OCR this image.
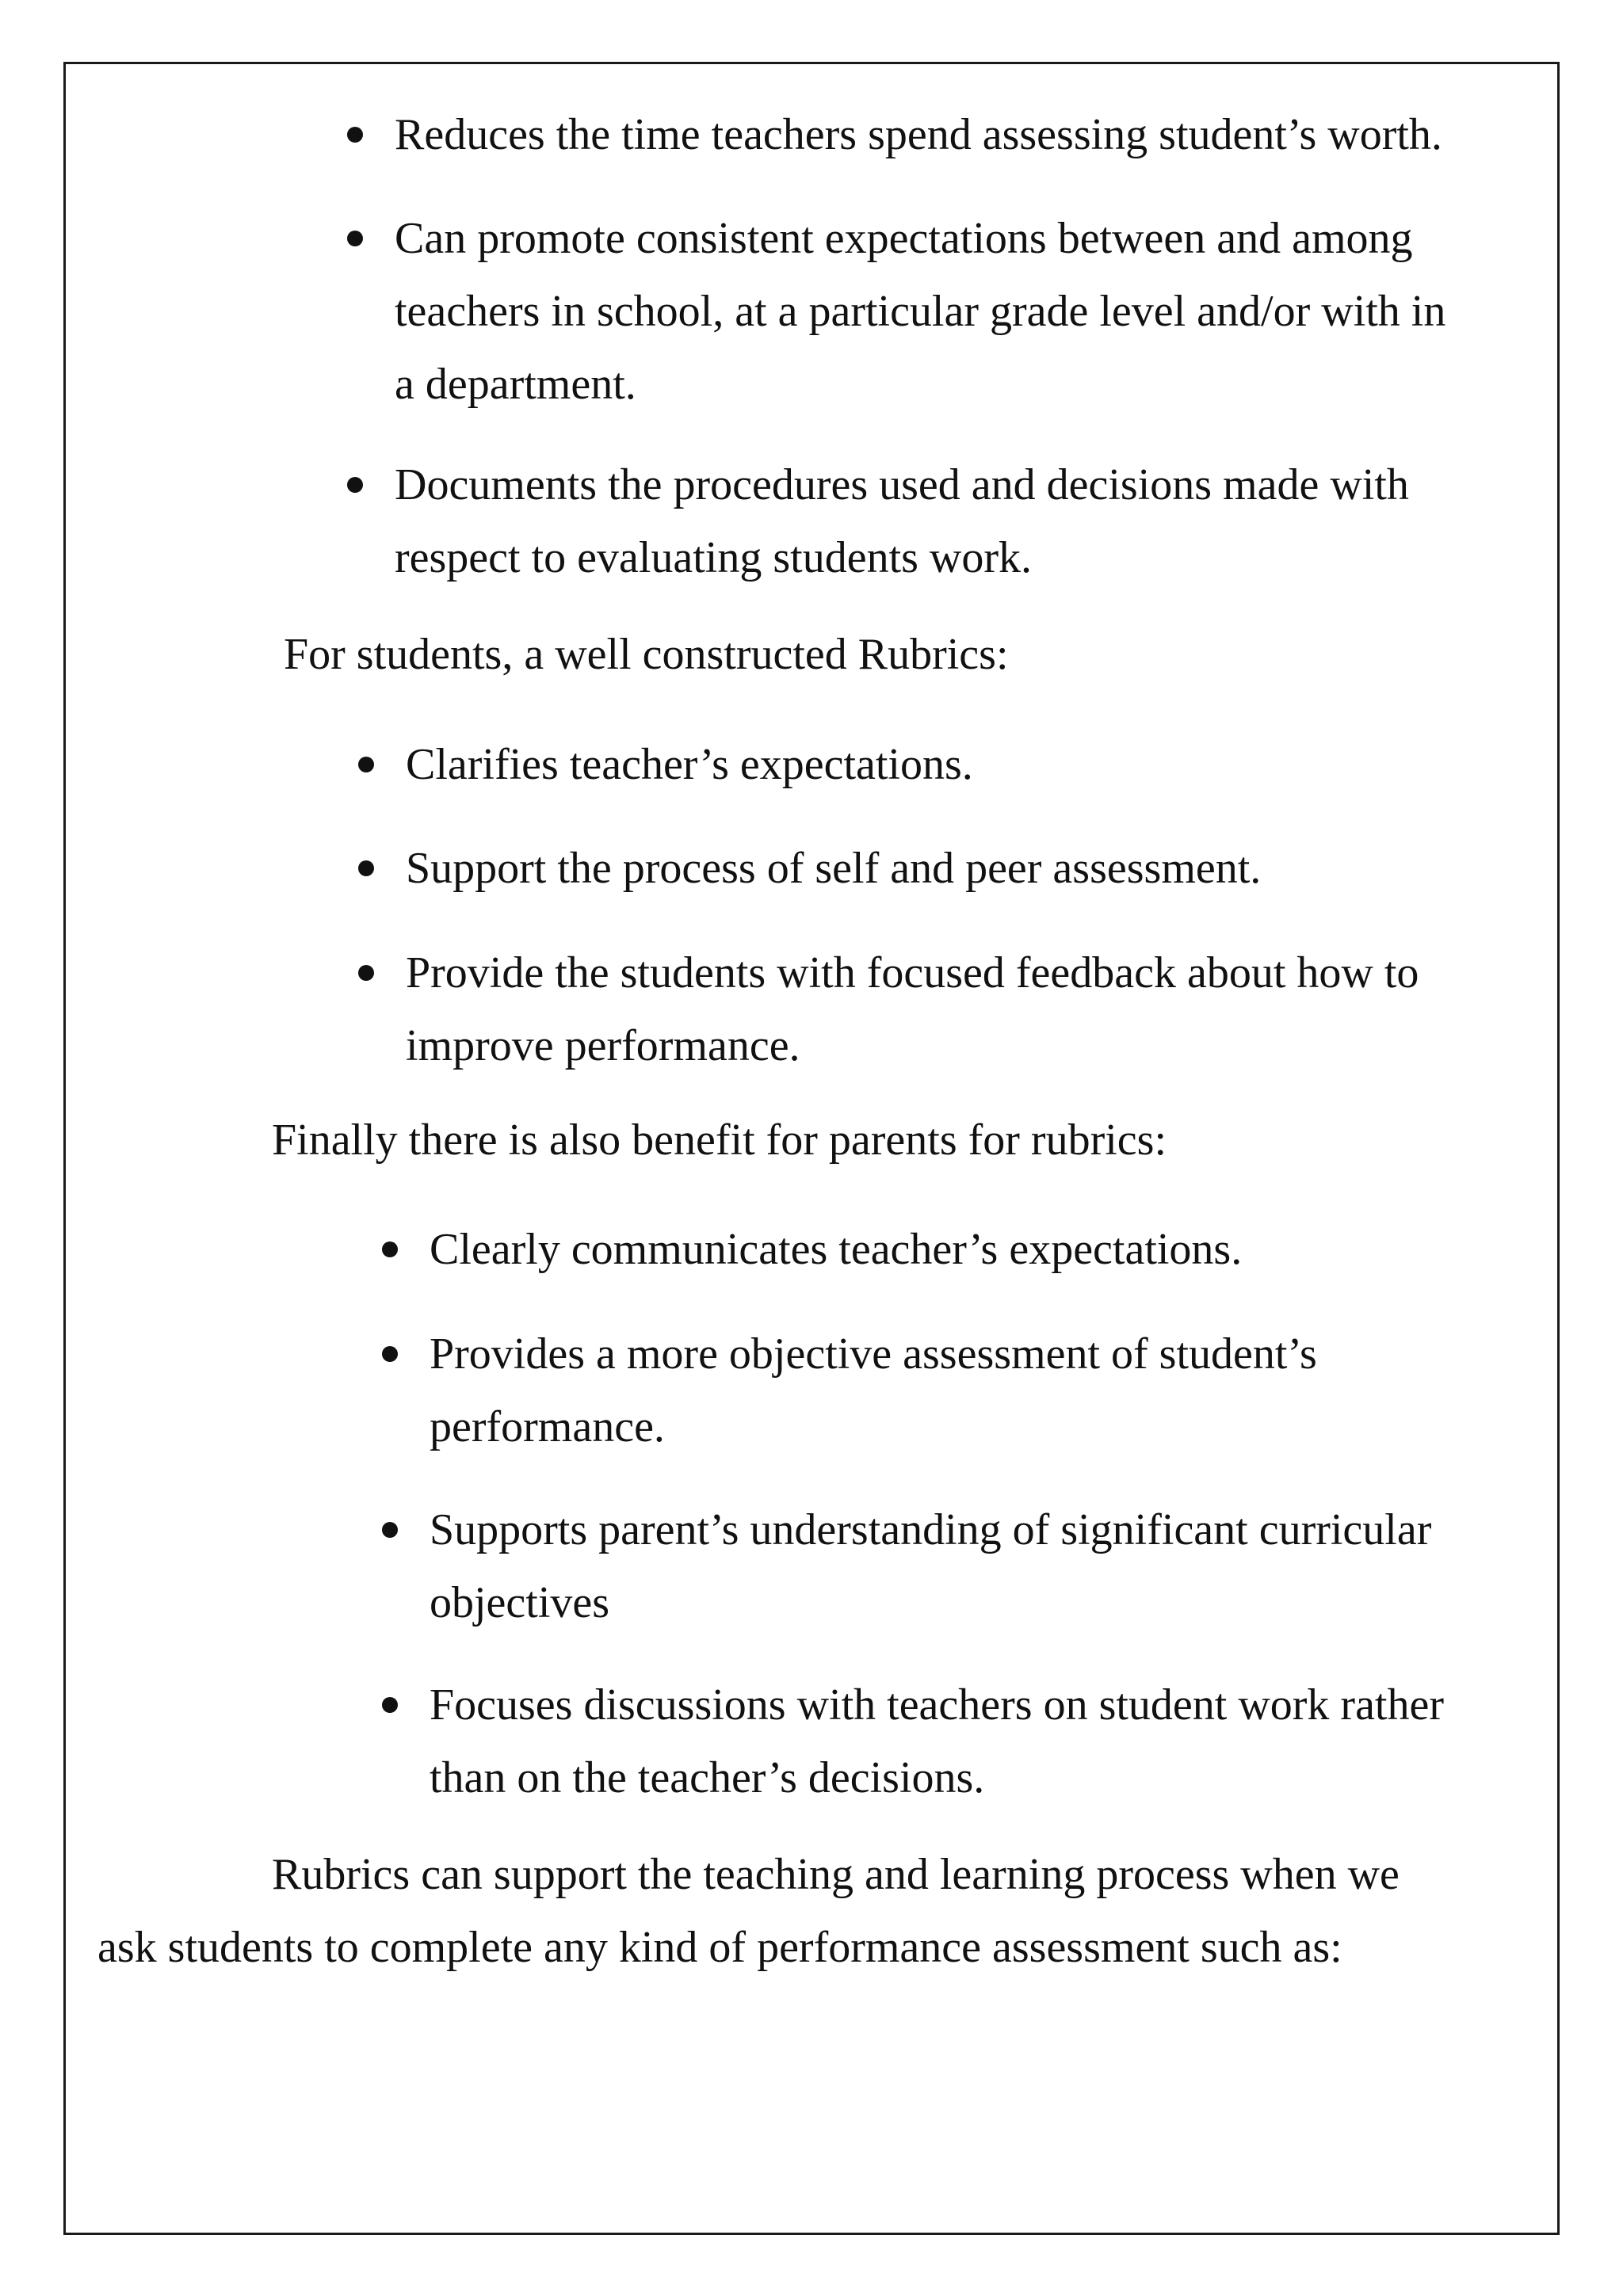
Reduces the time teachers spend assessing student’s worth.
Can promote consistent expectations between and among
teachers in school, at a particular grade level and/or with in
a department.
Documents the procedures used and decisions made with
respect to evaluating students work.
For students, a well constructed Rubrics:
Clarifies teacher’s expectations.
Support the process of self and peer assessment.
Provide the students with focused feedback about how to
improve performance.
Finally there is also benefit for parents for rubrics:
Clearly communicates teacher’s expectations.
Provides a more objective assessment of student’s
performance.
Supports parent’s understanding of significant curricular
objectives
Focuses discussions with teachers on student work rather
than on the teacher’s decisions.
Rubrics can support the teaching and learning process when we
ask students to complete any kind of performance assessment such as:
